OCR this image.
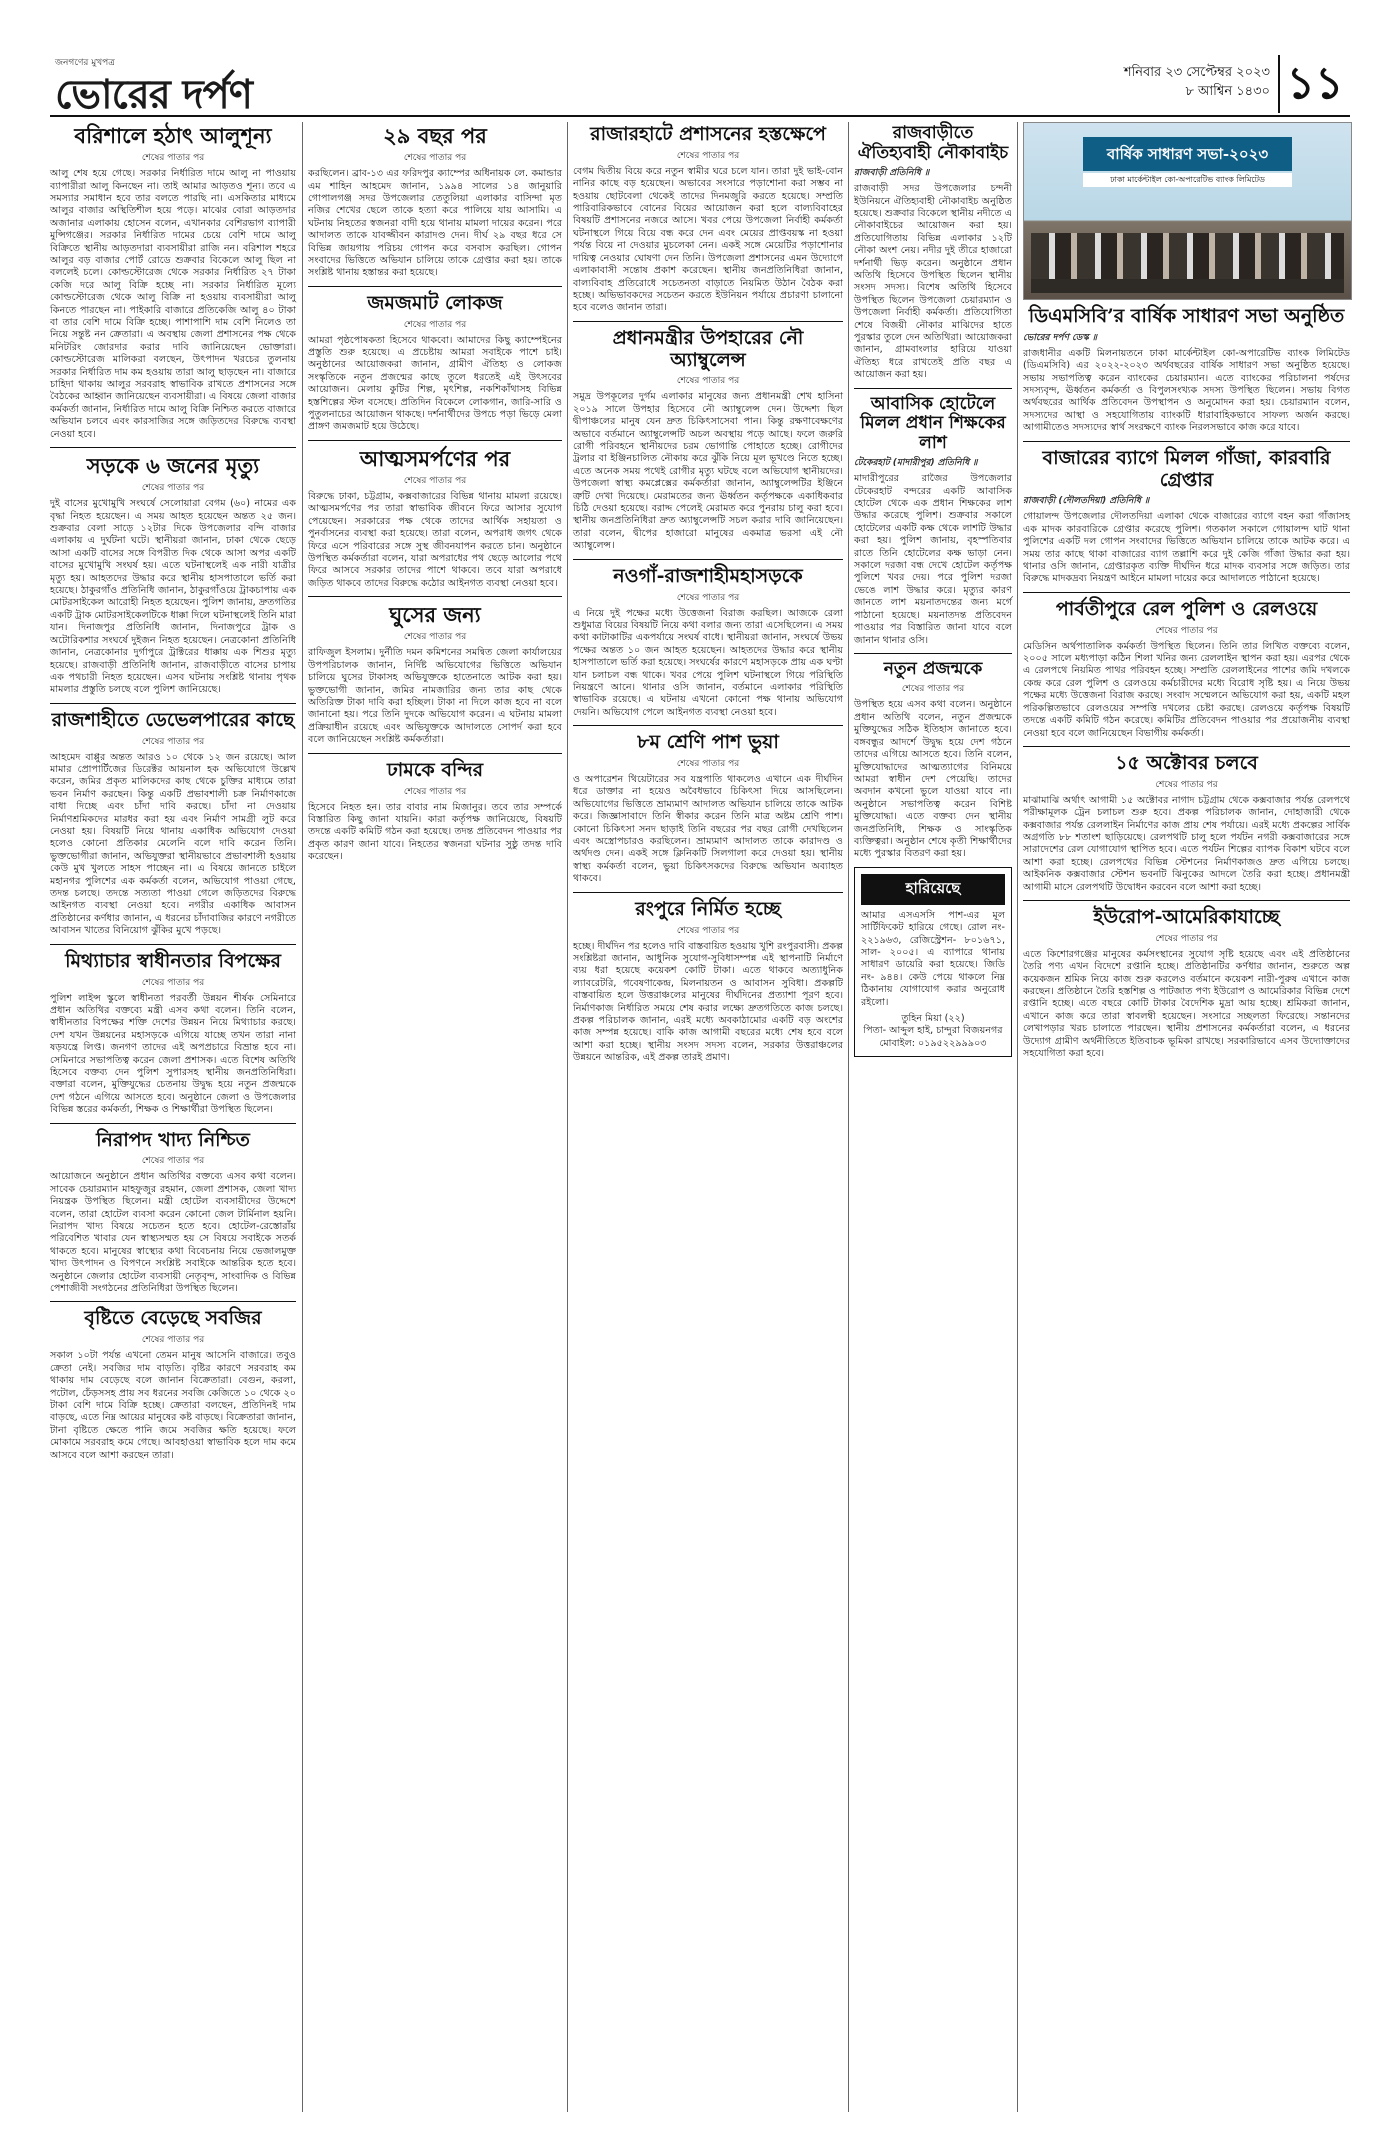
জনগণের মুখপত্র
ভোরের দর্পণ	শনিবার ২৩ সেপ্টেম্বর ২০২৩
৮ আশ্বিন ১৪৩০ ১১
বরিশালে হঠাৎ আলুশূন্য
শেষের পাতার পর

আলু শেষ হয়ে গেছে। সরকার নির্ধারিত দামে আলু না পাওয়ায় ব্যাপারীরা আলু কিনছেন না। তাই আমার আড়তও শূন্য। তবে এ সমস্যার সমাধান হবে তার বলতে পারছি না। এসকিতার মাধ্যমে আলুর বাজার অস্থিতিশীল হয়ে পড়ে। মাঝের বোরা আড়তদার অজানার এলাকায় হোসেন বলেন, এখানকার বেশিরভাগ ব্যাপারী মুন্সিগঞ্জের। সরকার নির্ধারিত দামের চেয়ে বেশি দামে আলু বিক্রিতে স্থানীয় আড়তদারা ব্যবসায়ীরা রাজি নন। বরিশাল শহরে আলুর বড় বাজার পোর্ট রোডে শুক্রবার বিকেলে আলু ছিল না বললেই চলে। কোল্ডস্টোরেজ থেকে সরকার নির্ধারিত ২৭ টাকা কেজি দরে আলু বিক্রি হচ্ছে না। সরকার নির্ধারিত মূল্যে কোল্ডস্টোরেজ থেকে আলু বিক্রি না হওয়ায় ব্যবসায়ীরা আলু কিনতে পারছেন না। পাইকারি বাজারে প্রতিকেজি আলু ৪০ টাকা বা তার বেশি দামে বিক্রি হচ্ছে। পাশাপাশি দাম বেশি নিলেও তা নিয়ে সন্তুষ্ট নন ক্রেতারা। এ অবস্থায় জেলা প্রশাসনের পক্ষ থেকে মনিটরিং জোরদার করার দাবি জানিয়েছেন ভোক্তারা। কোল্ডস্টোরেজ মালিকরা বলছেন, উৎপাদন খরচের তুলনায় সরকার নির্ধারিত দাম কম হওয়ায় তারা আলু ছাড়ছেন না। বাজারে চাহিদা থাকায় আলুর সরবরাহ স্বাভাবিক রাখতে প্রশাসনের সঙ্গে বৈঠকের আহ্বান জানিয়েছেন ব্যবসায়ীরা। এ বিষয়ে জেলা বাজার কর্মকর্তা জানান, নির্ধারিত দামে আলু বিক্রি নিশ্চিত করতে বাজারে অভিযান চলবে এবং কারসাজির সঙ্গে জড়িতদের বিরুদ্ধে ব্যবস্থা নেওয়া হবে।

সড়কে ৬ জনের মৃত্যু
শেষের পাতার পর

দুই বাসের মুখোমুখি সংঘর্ষে সেলোয়ারা বেগম (৬০) নামের এক বৃদ্ধা নিহত হয়েছেন। এ সময় আহত হয়েছেন অন্তত ২৫ জন। শুক্রবার বেলা সাড়ে ১২টার দিকে উপজেলার বন্দি বাজার এলাকায় এ দুর্ঘটনা ঘটে। স্থানীয়রা জানান, ঢাকা থেকে ছেড়ে আসা একটি বাসের সঙ্গে বিপরীত দিক থেকে আসা অপর একটি বাসের মুখোমুখি সংঘর্ষ হয়। এতে ঘটনাস্থলেই এক নারী যাত্রীর মৃত্যু হয়। আহতদের উদ্ধার করে স্থানীয় হাসপাতালে ভর্তি করা হয়েছে। ঠাকুরগাঁও প্রতিনিধি জানান, ঠাকুরগাঁওয়ে ট্রাকচাপায় এক মোটরসাইকেল আরোহী নিহত হয়েছেন। পুলিশ জানায়, দ্রুতগতির একটি ট্রাক মোটরসাইকেলটিকে ধাক্কা দিলে ঘটনাস্থলেই তিনি মারা যান। দিনাজপুর প্রতিনিধি জানান, দিনাজপুরে ট্রাক ও অটোরিকশার সংঘর্ষে দুইজন নিহত হয়েছেন। নেত্রকোনা প্রতিনিধি জানান, নেত্রকোনার দুর্গাপুরে ট্রাক্টরের ধাক্কায় এক শিশুর মৃত্যু হয়েছে। রাজবাড়ী প্রতিনিধি জানান, রাজবাড়ীতে বাসের চাপায় এক পথচারী নিহত হয়েছেন। এসব ঘটনায় সংশ্লিষ্ট থানায় পৃথক মামলার প্রস্তুতি চলছে বলে পুলিশ জানিয়েছে।

রাজশাহীতে ডেভেলপারের কাছে
শেষের পাতার পর

আহমেদ বাপ্পুর অন্তত আরও ১০ থেকে ১২ জন রয়েছে। আল মামার প্রোপার্টিজের ডিরেক্টর আয়নাল হক অভিযোগে উল্লেখ করেন, জমির প্রকৃত মালিকদের কাছ থেকে চুক্তির মাধ্যমে তারা ভবন নির্মাণ করছেন। কিন্তু একটি প্রভাবশালী চক্র নির্মাণকাজে বাধা দিচ্ছে এবং চাঁদা দাবি করছে। চাঁদা না দেওয়ায় নির্মাণশ্রমিকদের মারধর করা হয় এবং নির্মাণ সামগ্রী লুট করে নেওয়া হয়। বিষয়টি নিয়ে থানায় একাধিক অভিযোগ দেওয়া হলেও কোনো প্রতিকার মেলেনি বলে দাবি করেন তিনি। ভুক্তভোগীরা জানান, অভিযুক্তরা স্থানীয়ভাবে প্রভাবশালী হওয়ায় কেউ মুখ খুলতে সাহস পাচ্ছেন না। এ বিষয়ে জানতে চাইলে মহানগর পুলিশের এক কর্মকর্তা বলেন, অভিযোগ পাওয়া গেছে, তদন্ত চলছে। তদন্তে সত্যতা পাওয়া গেলে জড়িতদের বিরুদ্ধে আইনগত ব্যবস্থা নেওয়া হবে। নগরীর একাধিক আবাসন প্রতিষ্ঠানের কর্ণধার জানান, এ ধরনের চাঁদাবাজির কারণে নগরীতে আবাসন খাতের বিনিয়োগ ঝুঁকির মুখে পড়ছে।

মিথ্যাচার স্বাধীনতার বিপক্ষের
শেষের পাতার পর

পুলিশ লাইন্স স্কুলে স্বাধীনতা পরবর্তী উন্নয়ন শীর্ষক সেমিনারে প্রধান অতিথির বক্তব্যে মন্ত্রী এসব কথা বলেন। তিনি বলেন, স্বাধীনতার বিপক্ষের শক্তি দেশের উন্নয়ন নিয়ে মিথ্যাচার করছে। দেশ যখন উন্নয়নের মহাসড়কে এগিয়ে যাচ্ছে তখন তারা নানা ষড়যন্ত্রে লিপ্ত। জনগণ তাদের এই অপপ্রচারে বিভ্রান্ত হবে না। সেমিনারে সভাপতিত্ব করেন জেলা প্রশাসক। এতে বিশেষ অতিথি হিসেবে বক্তব্য দেন পুলিশ সুপারসহ স্থানীয় জনপ্রতিনিধিরা। বক্তারা বলেন, মুক্তিযুদ্ধের চেতনায় উদ্বুদ্ধ হয়ে নতুন প্রজন্মকে দেশ গঠনে এগিয়ে আসতে হবে। অনুষ্ঠানে জেলা ও উপজেলার বিভিন্ন স্তরের কর্মকর্তা, শিক্ষক ও শিক্ষার্থীরা উপস্থিত ছিলেন।

নিরাপদ খাদ্য নিশ্চিত
শেষের পাতার পর

আয়োজনে অনুষ্ঠানে প্রধান অতিথির বক্তব্যে এসব কথা বলেন। সাবেক চেয়ারম্যান মাহফুজুর রহমান, জেলা প্রশাসক, জেলা খাদ্য নিয়ন্ত্রক উপস্থিত ছিলেন। মন্ত্রী হোটেল ব্যবসায়ীদের উদ্দেশে বলেন, তারা হোটেল ব্যবসা করেন কোনো জেল টার্মিনাল হয়নি। নিরাপদ খাদ্য বিষয়ে সচেতন হতে হবে। হোটেল-রেস্তোরাঁয় পরিবেশিত খাবার যেন স্বাস্থ্যসম্মত হয় সে বিষয়ে সবাইকে সতর্ক থাকতে হবে। মানুষের স্বাস্থ্যের কথা বিবেচনায় নিয়ে ভেজালমুক্ত খাদ্য উৎপাদন ও বিপণনে সংশ্লিষ্ট সবাইকে আন্তরিক হতে হবে। অনুষ্ঠানে জেলার হোটেল ব্যবসায়ী নেতৃবৃন্দ, সাংবাদিক ও বিভিন্ন পেশাজীবী সংগঠনের প্রতিনিধিরা উপস্থিত ছিলেন।

বৃষ্টিতে বেড়েছে সবজির
শেষের পাতার পর

সকাল ১০টা পর্যন্ত এখনো তেমন মানুষ আসেনি বাজারে। তবুও ক্রেতা নেই। সবজির দাম বাড়তি। বৃষ্টির কারণে সরবরাহ কম থাকায় দাম বেড়েছে বলে জানান বিক্রেতারা। বেগুন, করলা, পটোল, ঢেঁড়সসহ প্রায় সব ধরনের সবজি কেজিতে ১০ থেকে ২০ টাকা বেশি দামে বিক্রি হচ্ছে। ক্রেতারা বলছেন, প্রতিদিনই দাম বাড়ছে, এতে নিম্ন আয়ের মানুষের কষ্ট বাড়ছে। বিক্রেতারা জানান, টানা বৃষ্টিতে ক্ষেতে পানি জমে সবজির ক্ষতি হয়েছে। ফলে মোকামে সরবরাহ কমে গেছে। আবহাওয়া স্বাভাবিক হলে দাম কমে আসবে বলে আশা করছেন তারা।

২৯ বছর পর
শেষের পাতার পর

করছিলেন। ব্রাব-১৩ এর ফরিদপুর ক্যাম্পের অধিনায়ক লে. কমান্ডার এম শাহিন আহমেদ জানান, ১৯৯৪ সালের ১৪ জানুয়ারি গোপালগঞ্জ সদর উপজেলার তেতুলিয়া এলাকার বাসিন্দা মৃত নজির শেখের ছেলে তাকে হত্যা করে পালিয়ে যায় আসামি। এ ঘটনায় নিহতের স্বজনরা বাদী হয়ে থানায় মামলা দায়ের করেন। পরে আদালত তাকে যাবজ্জীবন কারাদণ্ড দেন। দীর্ঘ ২৯ বছর ধরে সে বিভিন্ন জায়গায় পরিচয় গোপন করে বসবাস করছিল। গোপন সংবাদের ভিত্তিতে অভিযান চালিয়ে তাকে গ্রেপ্তার করা হয়। তাকে সংশ্লিষ্ট থানায় হস্তান্তর করা হয়েছে।

জমজমাট লোকজ
শেষের পাতার পর

আমরা পৃষ্ঠপোষকতা হিসেবে থাকবো। আমাদের কিছু ক্যাম্পেইনের প্রস্তুতি শুরু হয়েছে। এ প্রচেষ্টায় আমরা সবাইকে পাশে চাই। অনুষ্ঠানের আয়োজকরা জানান, গ্রামীণ ঐতিহ্য ও লোকজ সংস্কৃতিকে নতুন প্রজন্মের কাছে তুলে ধরতেই এই উৎসবের আয়োজন। মেলায় কুটির শিল্প, মৃৎশিল্প, নকশিকাঁথাসহ বিভিন্ন হস্তশিল্পের স্টল বসেছে। প্রতিদিন বিকেলে লোকগান, জারি-সারি ও পুতুলনাচের আয়োজন থাকছে। দর্শনার্থীদের উপচে পড়া ভিড়ে মেলা প্রাঙ্গণ জমজমাট হয়ে উঠেছে।

আত্মসমর্পণের পর
শেষের পাতার পর

বিরুদ্ধে ঢাকা, চট্টগ্রাম, কক্সবাজারের বিভিন্ন থানায় মামলা রয়েছে। আত্মসমর্পণের পর তারা স্বাভাবিক জীবনে ফিরে আসার সুযোগ পেয়েছেন। সরকারের পক্ষ থেকে তাদের আর্থিক সহায়তা ও পুনর্বাসনের ব্যবস্থা করা হয়েছে। তারা বলেন, অপরাধ জগৎ থেকে ফিরে এসে পরিবারের সঙ্গে সুস্থ জীবনযাপন করতে চান। অনুষ্ঠানে উপস্থিত কর্মকর্তারা বলেন, যারা অপরাধের পথ ছেড়ে আলোর পথে ফিরে আসবে সরকার তাদের পাশে থাকবে। তবে যারা অপরাধে জড়িত থাকবে তাদের বিরুদ্ধে কঠোর আইনগত ব্যবস্থা নেওয়া হবে।

ঘুসের জন্য
শেষের পাতার পর

রাফিজুল ইসলাম। দুর্নীতি দমন কমিশনের সমন্বিত জেলা কার্যালয়ের উপপরিচালক জানান, নির্দিষ্ট অভিযোগের ভিত্তিতে অভিযান চালিয়ে ঘুসের টাকাসহ অভিযুক্তকে হাতেনাতে আটক করা হয়। ভুক্তভোগী জানান, জমির নামজারির জন্য তার কাছ থেকে অতিরিক্ত টাকা দাবি করা হচ্ছিল। টাকা না দিলে কাজ হবে না বলে জানানো হয়। পরে তিনি দুদকে অভিযোগ করেন। এ ঘটনায় মামলা প্রক্রিয়াধীন রয়েছে এবং অভিযুক্তকে আদালতে সোপর্দ করা হবে বলে জানিয়েছেন সংশ্লিষ্ট কর্মকর্তারা।

ঢামকে বন্দির
শেষের পাতার পর

হিসেবে নিহত হন। তার বাবার নাম মিজানুর। তবে তার সম্পর্কে বিস্তারিত কিছু জানা যায়নি। কারা কর্তৃপক্ষ জানিয়েছে, বিষয়টি তদন্তে একটি কমিটি গঠন করা হয়েছে। তদন্ত প্রতিবেদন পাওয়ার পর প্রকৃত কারণ জানা যাবে। নিহতের স্বজনরা ঘটনার সুষ্ঠু তদন্ত দাবি করেছেন।

রাজারহাটে প্রশাসনের হস্তক্ষেপে
শেষের পাতার পর

বেগম দ্বিতীয় বিয়ে করে নতুন স্বামীর ঘরে চলে যান। তারা দুই ভাই-বোন নানির কাছে বড় হয়েছেন। অভাবের সংসারে পড়াশোনা করা সম্ভব না হওয়ায় ছোটবেলা থেকেই তাদের দিনমজুরি করতে হয়েছে। সম্প্রতি পারিবারিকভাবে বোনের বিয়ের আয়োজন করা হলে বাল্যবিবাহের বিষয়টি প্রশাসনের নজরে আসে। খবর পেয়ে উপজেলা নির্বাহী কর্মকর্তা ঘটনাস্থলে গিয়ে বিয়ে বন্ধ করে দেন এবং মেয়ের প্রাপ্তবয়স্ক না হওয়া পর্যন্ত বিয়ে না দেওয়ার মুচলেকা নেন। একই সঙ্গে মেয়েটির পড়াশোনার দায়িত্ব নেওয়ার ঘোষণা দেন তিনি। উপজেলা প্রশাসনের এমন উদ্যোগে এলাকাবাসী সন্তোষ প্রকাশ করেছেন। স্থানীয় জনপ্রতিনিধিরা জানান, বাল্যবিবাহ প্রতিরোধে সচেতনতা বাড়াতে নিয়মিত উঠান বৈঠক করা হচ্ছে। অভিভাবকদের সচেতন করতে ইউনিয়ন পর্যায়ে প্রচারণা চালানো হবে বলেও জানান তারা।

প্রধানমন্ত্রীর উপহারের নৌ অ্যাম্বুলেন্স
শেষের পাতার পর

সমুদ্র উপকূলের দুর্গম এলাকার মানুষের জন্য প্রধানমন্ত্রী শেখ হাসিনা ২০১৯ সালে উপহার হিসেবে নৌ অ্যাম্বুলেন্স দেন। উদ্দেশ্য ছিল দ্বীপাঞ্চলের মানুষ যেন দ্রুত চিকিৎসাসেবা পান। কিন্তু রক্ষণাবেক্ষণের অভাবে বর্তমানে অ্যাম্বুলেন্সটি অচল অবস্থায় পড়ে আছে। ফলে জরুরি রোগী পরিবহনে স্থানীয়দের চরম ভোগান্তি পোহাতে হচ্ছে। রোগীদের ট্রলার বা ইঞ্জিনচালিত নৌকায় করে ঝুঁকি নিয়ে মূল ভূখণ্ডে নিতে হচ্ছে। এতে অনেক সময় পথেই রোগীর মৃত্যু ঘটছে বলে অভিযোগ স্থানীয়দের। উপজেলা স্বাস্থ্য কমপ্লেক্সের কর্মকর্তারা জানান, অ্যাম্বুলেন্সটির ইঞ্জিনে ত্রুটি দেখা দিয়েছে। মেরামতের জন্য ঊর্ধ্বতন কর্তৃপক্ষকে একাধিকবার চিঠি দেওয়া হয়েছে। বরাদ্দ পেলেই মেরামত করে পুনরায় চালু করা হবে। স্থানীয় জনপ্রতিনিধিরা দ্রুত অ্যাম্বুলেন্সটি সচল করার দাবি জানিয়েছেন। তারা বলেন, দ্বীপের হাজারো মানুষের একমাত্র ভরসা এই নৌ অ্যাম্বুলেন্স।

নওগাঁ-রাজশাহীমহাসড়কে
শেষের পাতার পর

এ নিয়ে দুই পক্ষের মধ্যে উত্তেজনা বিরাজ করছিল। আজকে রেলা শুধুমাত্র বিয়ের বিষয়টি নিয়ে কথা বলার জন্য তারা এসেছিলেন। এ সময় কথা কাটাকাটির একপর্যায়ে সংঘর্ষ বাধে। স্থানীয়রা জানান, সংঘর্ষে উভয় পক্ষের অন্তত ১০ জন আহত হয়েছেন। আহতদের উদ্ধার করে স্থানীয় হাসপাতালে ভর্তি করা হয়েছে। সংঘর্ষের কারণে মহাসড়কে প্রায় এক ঘণ্টা যান চলাচল বন্ধ থাকে। খবর পেয়ে পুলিশ ঘটনাস্থলে গিয়ে পরিস্থিতি নিয়ন্ত্রণে আনে। থানার ওসি জানান, বর্তমানে এলাকার পরিস্থিতি স্বাভাবিক রয়েছে। এ ঘটনায় এখনো কোনো পক্ষ থানায় অভিযোগ দেয়নি। অভিযোগ পেলে আইনগত ব্যবস্থা নেওয়া হবে।

৮ম শ্রেণি পাশ ভুয়া
শেষের পাতার পর

ও অপারেশন থিয়েটারের সব যন্ত্রপাতি থাকলেও এখানে এক দীর্ঘদিন ধরে ডাক্তার না হয়েও অবৈধভাবে চিকিৎসা দিয়ে আসছিলেন। অভিযোগের ভিত্তিতে ভ্রাম্যমাণ আদালত অভিযান চালিয়ে তাকে আটক করে। জিজ্ঞাসাবাদে তিনি স্বীকার করেন তিনি মাত্র অষ্টম শ্রেণি পাশ। কোনো চিকিৎসা সনদ ছাড়াই তিনি বছরের পর বছর রোগী দেখছিলেন এবং অস্ত্রোপচারও করছিলেন। ভ্রাম্যমাণ আদালত তাকে কারাদণ্ড ও অর্থদণ্ড দেন। একই সঙ্গে ক্লিনিকটি সিলগালা করে দেওয়া হয়। স্থানীয় স্বাস্থ্য কর্মকর্তা বলেন, ভুয়া চিকিৎসকদের বিরুদ্ধে অভিযান অব্যাহত থাকবে।

রংপুরে নির্মিত হচ্ছে
শেষের পাতার পর

হচ্ছে। দীর্ঘদিন পর হলেও দাবি বাস্তবায়িত হওয়ায় খুশি রংপুরবাসী। প্রকল্প সংশ্লিষ্টরা জানান, আধুনিক সুযোগ-সুবিধাসম্পন্ন এই স্থাপনাটি নির্মাণে ব্যয় ধরা হয়েছে কয়েকশ কোটি টাকা। এতে থাকবে অত্যাধুনিক ল্যাবরেটরি, গবেষণাকেন্দ্র, মিলনায়তন ও আবাসন সুবিধা। প্রকল্পটি বাস্তবায়িত হলে উত্তরাঞ্চলের মানুষের দীর্ঘদিনের প্রত্যাশা পূরণ হবে। নির্মাণকাজ নির্ধারিত সময়ে শেষ করার লক্ষ্যে দ্রুতগতিতে কাজ চলছে। প্রকল্প পরিচালক জানান, এরই মধ্যে অবকাঠামোর একটি বড় অংশের কাজ সম্পন্ন হয়েছে। বাকি কাজ আগামী বছরের মধ্যে শেষ হবে বলে আশা করা হচ্ছে। স্থানীয় সংসদ সদস্য বলেন, সরকার উত্তরাঞ্চলের উন্নয়নে আন্তরিক, এই প্রকল্প তারই প্রমাণ।

রাজবাড়ীতে ঐতিহ্যবাহী নৌকাবাইচ
রাজবাড়ী প্রতিনিধি ॥

রাজবাড়ী সদর উপজেলার চন্দনী ইউনিয়নে ঐতিহ্যবাহী নৌকাবাইচ অনুষ্ঠিত হয়েছে। শুক্রবার বিকেলে স্থানীয় নদীতে এ নৌকাবাইচের আয়োজন করা হয়। প্রতিযোগিতায় বিভিন্ন এলাকার ১২টি নৌকা অংশ নেয়। নদীর দুই তীরে হাজারো দর্শনার্থী ভিড় করেন। অনুষ্ঠানে প্রধান অতিথি হিসেবে উপস্থিত ছিলেন স্থানীয় সংসদ সদস্য। বিশেষ অতিথি হিসেবে উপস্থিত ছিলেন উপজেলা চেয়ারম্যান ও উপজেলা নির্বাহী কর্মকর্তা। প্রতিযোগিতা শেষে বিজয়ী নৌকার মাঝিদের হাতে পুরস্কার তুলে দেন অতিথিরা। আয়োজকরা জানান, গ্রামবাংলার হারিয়ে যাওয়া ঐতিহ্য ধরে রাখতেই প্রতি বছর এ আয়োজন করা হয়।

আবাসিক হোটেলে মিলল প্রধান শিক্ষকের লাশ
টেকেরহাট (মাদারীপুর) প্রতিনিধি ॥

মাদারীপুরের রাজৈর উপজেলার টেকেরহাট বন্দরের একটি আবাসিক হোটেল থেকে এক প্রধান শিক্ষকের লাশ উদ্ধার করেছে পুলিশ। শুক্রবার সকালে হোটেলের একটি কক্ষ থেকে লাশটি উদ্ধার করা হয়। পুলিশ জানায়, বৃহস্পতিবার রাতে তিনি হোটেলের কক্ষ ভাড়া নেন। সকালে দরজা বন্ধ দেখে হোটেল কর্তৃপক্ষ পুলিশে খবর দেয়। পরে পুলিশ দরজা ভেঙে লাশ উদ্ধার করে। মৃত্যুর কারণ জানতে লাশ ময়নাতদন্তের জন্য মর্গে পাঠানো হয়েছে। ময়নাতদন্ত প্রতিবেদন পাওয়ার পর বিস্তারিত জানা যাবে বলে জানান থানার ওসি।

নতুন প্রজন্মকে
শেষের পাতার পর

উপস্থিত হয়ে এসব কথা বলেন। অনুষ্ঠানে প্রধান অতিথি বলেন, নতুন প্রজন্মকে মুক্তিযুদ্ধের সঠিক ইতিহাস জানাতে হবে। বঙ্গবন্ধুর আদর্শে উদ্বুদ্ধ হয়ে দেশ গঠনে তাদের এগিয়ে আসতে হবে। তিনি বলেন, মুক্তিযোদ্ধাদের আত্মত্যাগের বিনিময়ে আমরা স্বাধীন দেশ পেয়েছি। তাদের অবদান কখনো ভুলে যাওয়া যাবে না। অনুষ্ঠানে সভাপতিত্ব করেন বিশিষ্ট মুক্তিযোদ্ধা। এতে বক্তব্য দেন স্থানীয় জনপ্রতিনিধি, শিক্ষক ও সাংস্কৃতিক ব্যক্তিত্বরা। অনুষ্ঠান শেষে কৃতী শিক্ষার্থীদের মধ্যে পুরস্কার বিতরণ করা হয়।

হারিয়েছে

আমার এসএসসি পাশ-এর মূল সার্টিফিকেট হারিয়ে গেছে। রোল নং- ২২১৯৬৩, রেজিস্ট্রেশন- ৮০১৬৭১, সাল- ২০০৫। এ ব্যাপারে থানায় সাধারণ ডায়েরি করা হয়েছে। জিডি নং- ৯৪৪। কেউ পেয়ে থাকলে নিম্ন ঠিকানায় যোগাযোগ করার অনুরোধ রইলো।

তুহিন মিয়া (২২)

পিতা- আব্দুল হাই, চান্দুরা বিজয়নগর

মোবাইল: ০১৯৫২২৯৯৯০৩

বার্ষিক সাধারণ সভা-২০২৩
ঢাকা মার্কেন্টাইল কো-অপারেটিভ ব্যাংক লিমিটেড
ডিএমসিবি’র বার্ষিক সাধারণ সভা অনুষ্ঠিত
ভোরের দর্পণ ডেস্ক ॥

রাজধানীর একটি মিলনায়তনে ঢাকা মার্কেন্টাইল কো-অপারেটিভ ব্যাংক লিমিটেড (ডিএমসিবি) এর ২০২২-২০২৩ অর্থবছরের বার্ষিক সাধারণ সভা অনুষ্ঠিত হয়েছে। সভায় সভাপতিত্ব করেন ব্যাংকের চেয়ারম্যান। এতে ব্যাংকের পরিচালনা পর্ষদের সদস্যবৃন্দ, ঊর্ধ্বতন কর্মকর্তা ও বিপুলসংখ্যক সদস্য উপস্থিত ছিলেন। সভায় বিগত অর্থবছরের আর্থিক প্রতিবেদন উপস্থাপন ও অনুমোদন করা হয়। চেয়ারম্যান বলেন, সদস্যদের আস্থা ও সহযোগিতায় ব্যাংকটি ধারাবাহিকভাবে সাফল্য অর্জন করছে। আগামীতেও সদস্যদের স্বার্থ সংরক্ষণে ব্যাংক নিরলসভাবে কাজ করে যাবে।

বাজারের ব্যাগে মিলল গাঁজা, কারবারি গ্রেপ্তার
রাজবাড়ী (দৌলতদিয়া) প্রতিনিধি ॥

গোয়ালন্দ উপজেলার দৌলতদিয়া এলাকা থেকে বাজারের ব্যাগে বহন করা গাঁজাসহ এক মাদক কারবারিকে গ্রেপ্তার করেছে পুলিশ। গতকাল সকালে গোয়ালন্দ ঘাট থানা পুলিশের একটি দল গোপন সংবাদের ভিত্তিতে অভিযান চালিয়ে তাকে আটক করে। এ সময় তার কাছে থাকা বাজারের ব্যাগ তল্লাশি করে দুই কেজি গাঁজা উদ্ধার করা হয়। থানার ওসি জানান, গ্রেপ্তারকৃত ব্যক্তি দীর্ঘদিন ধরে মাদক ব্যবসার সঙ্গে জড়িত। তার বিরুদ্ধে মাদকদ্রব্য নিয়ন্ত্রণ আইনে মামলা দায়ের করে আদালতে পাঠানো হয়েছে।

পার্বতীপুরে রেল পুলিশ ও রেলওয়ে
শেষের পাতার পর

মেডিসিন অর্থপাতালিক কর্মকর্তা উপস্থিত ছিলেন। তিনি তার লিখিত বক্তব্যে বলেন, ২০০৫ সালে মধ্যপাড়া কঠিন শিলা খনির জন্য রেললাইন স্থাপন করা হয়। এরপর থেকে এ রেলপথে নিয়মিত পাথর পরিবহন হচ্ছে। সম্প্রতি রেললাইনের পাশের জমি দখলকে কেন্দ্র করে রেল পুলিশ ও রেলওয়ে কর্মচারীদের মধ্যে বিরোধ সৃষ্টি হয়। এ নিয়ে উভয় পক্ষের মধ্যে উত্তেজনা বিরাজ করছে। সংবাদ সম্মেলনে অভিযোগ করা হয়, একটি মহল পরিকল্পিতভাবে রেলওয়ের সম্পত্তি দখলের চেষ্টা করছে। রেলওয়ে কর্তৃপক্ষ বিষয়টি তদন্তে একটি কমিটি গঠন করেছে। কমিটির প্রতিবেদন পাওয়ার পর প্রয়োজনীয় ব্যবস্থা নেওয়া হবে বলে জানিয়েছেন বিভাগীয় কর্মকর্তা।

১৫ অক্টোবর চলবে
শেষের পাতার পর

মাঝামাঝি অর্থাৎ আগামী ১৫ অক্টোবর নাগাদ চট্টগ্রাম থেকে কক্সবাজার পর্যন্ত রেলপথে পরীক্ষামূলক ট্রেন চলাচল শুরু হবে। প্রকল্প পরিচালক জানান, দোহাজারী থেকে কক্সবাজার পর্যন্ত রেললাইন নির্মাণের কাজ প্রায় শেষ পর্যায়ে। এরই মধ্যে প্রকল্পের সার্বিক অগ্রগতি ৮৮ শতাংশ ছাড়িয়েছে। রেলপথটি চালু হলে পর্যটন নগরী কক্সবাজারের সঙ্গে সারাদেশের রেল যোগাযোগ স্থাপিত হবে। এতে পর্যটন শিল্পের ব্যাপক বিকাশ ঘটবে বলে আশা করা হচ্ছে। রেলপথের বিভিন্ন স্টেশনের নির্মাণকাজও দ্রুত এগিয়ে চলছে। আইকনিক কক্সবাজার স্টেশন ভবনটি ঝিনুকের আদলে তৈরি করা হচ্ছে। প্রধানমন্ত্রী আগামী মাসে রেলপথটি উদ্বোধন করবেন বলে আশা করা হচ্ছে।

ইউরোপ-আমেরিকাযাচ্ছে
শেষের পাতার পর

এতে কিশোরগঞ্জের মানুষের কর্মসংস্থানের সুযোগ সৃষ্টি হয়েছে এবং এই প্রতিষ্ঠানের তৈরি পণ্য এখন বিদেশে রপ্তানি হচ্ছে। প্রতিষ্ঠানটির কর্ণধার জানান, শুরুতে অল্প কয়েকজন শ্রমিক নিয়ে কাজ শুরু করলেও বর্তমানে কয়েকশ নারী-পুরুষ এখানে কাজ করছেন। প্রতিষ্ঠানে তৈরি হস্তশিল্প ও পাটজাত পণ্য ইউরোপ ও আমেরিকার বিভিন্ন দেশে রপ্তানি হচ্ছে। এতে বছরে কোটি টাকার বৈদেশিক মুদ্রা আয় হচ্ছে। শ্রমিকরা জানান, এখানে কাজ করে তারা স্বাবলম্বী হয়েছেন। সংসারে সচ্ছলতা ফিরেছে। সন্তানদের লেখাপড়ার খরচ চালাতে পারছেন। স্থানীয় প্রশাসনের কর্মকর্তারা বলেন, এ ধরনের উদ্যোগ গ্রামীণ অর্থনীতিতে ইতিবাচক ভূমিকা রাখছে। সরকারিভাবে এসব উদ্যোক্তাদের সহযোগিতা করা হবে।
